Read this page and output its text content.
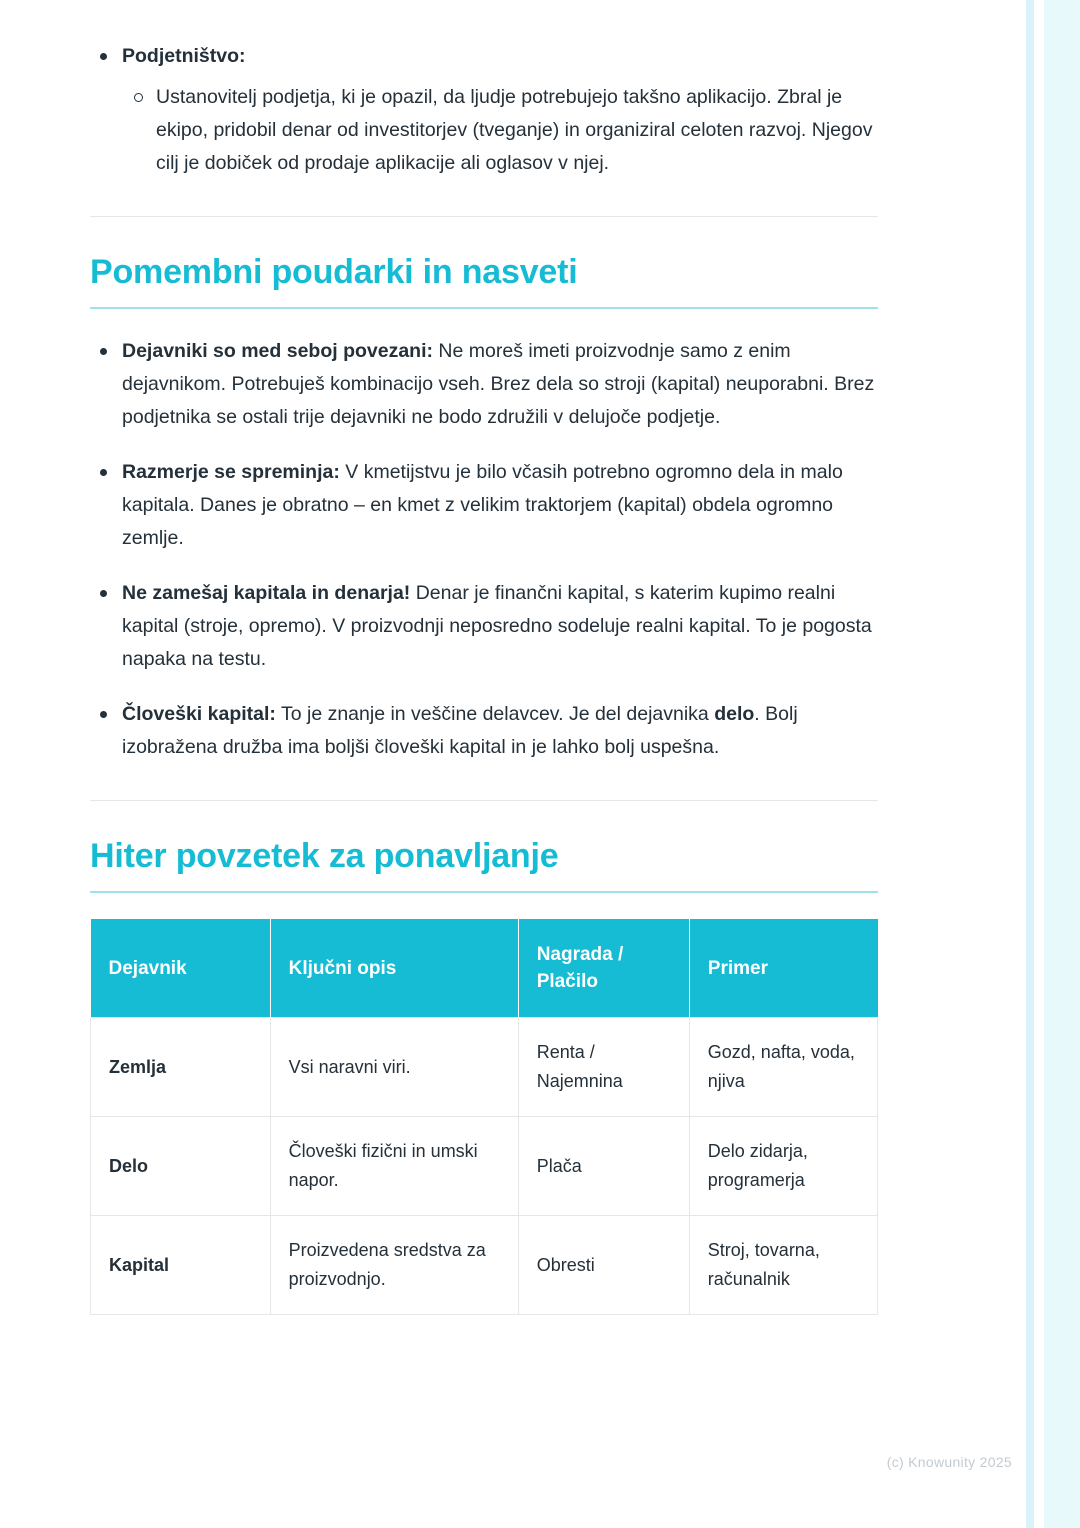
Podjetništvo:
Ustanovitelj podjetja, ki je opazil, da ljudje potrebujejo takšno aplikacijo. Zbral je ekipo, pridobil denar od investitorjev (tveganje) in organiziral celoten razvoj. Njegov cilj je dobiček od prodaje aplikacije ali oglasov v njej.
Pomembni poudarki in nasveti
Dejavniki so med seboj povezani: Ne moreš imeti proizvodnje samo z enim dejavnikom. Potrebuješ kombinacijo vseh. Brez dela so stroji (kapital) neuporabni. Brez podjetnika se ostali trije dejavniki ne bodo združili v delujoče podjetje.
Razmerje se spreminja: V kmetijstvu je bilo včasih potrebno ogromno dela in malo kapitala. Danes je obratno – en kmet z velikim traktorjem (kapital) obdela ogromno zemlje.
Ne zamešaj kapitala in denarja! Denar je finančni kapital, s katerim kupimo realni kapital (stroje, opremo). V proizvodnji neposredno sodeluje realni kapital. To je pogosta napaka na testu.
Človeški kapital: To je znanje in veščine delavcev. Je del dejavnika delo. Bolj izobražena družba ima boljši človeški kapital in je lahko bolj uspešna.
Hiter povzetek za ponavljanje
Dejavnik	Ključni opis	Nagrada / Plačilo	Primer
Zemlja	Vsi naravni viri.	Renta / Najemnina	Gozd, nafta, voda, njiva
Delo	Človeški fizični in umski napor.	Plača	Delo zidarja, programerja
Kapital	Proizvedena sredstva za proizvodnjo.	Obresti	Stroj, tovarna, računalnik
(c) Knowunity 2025
